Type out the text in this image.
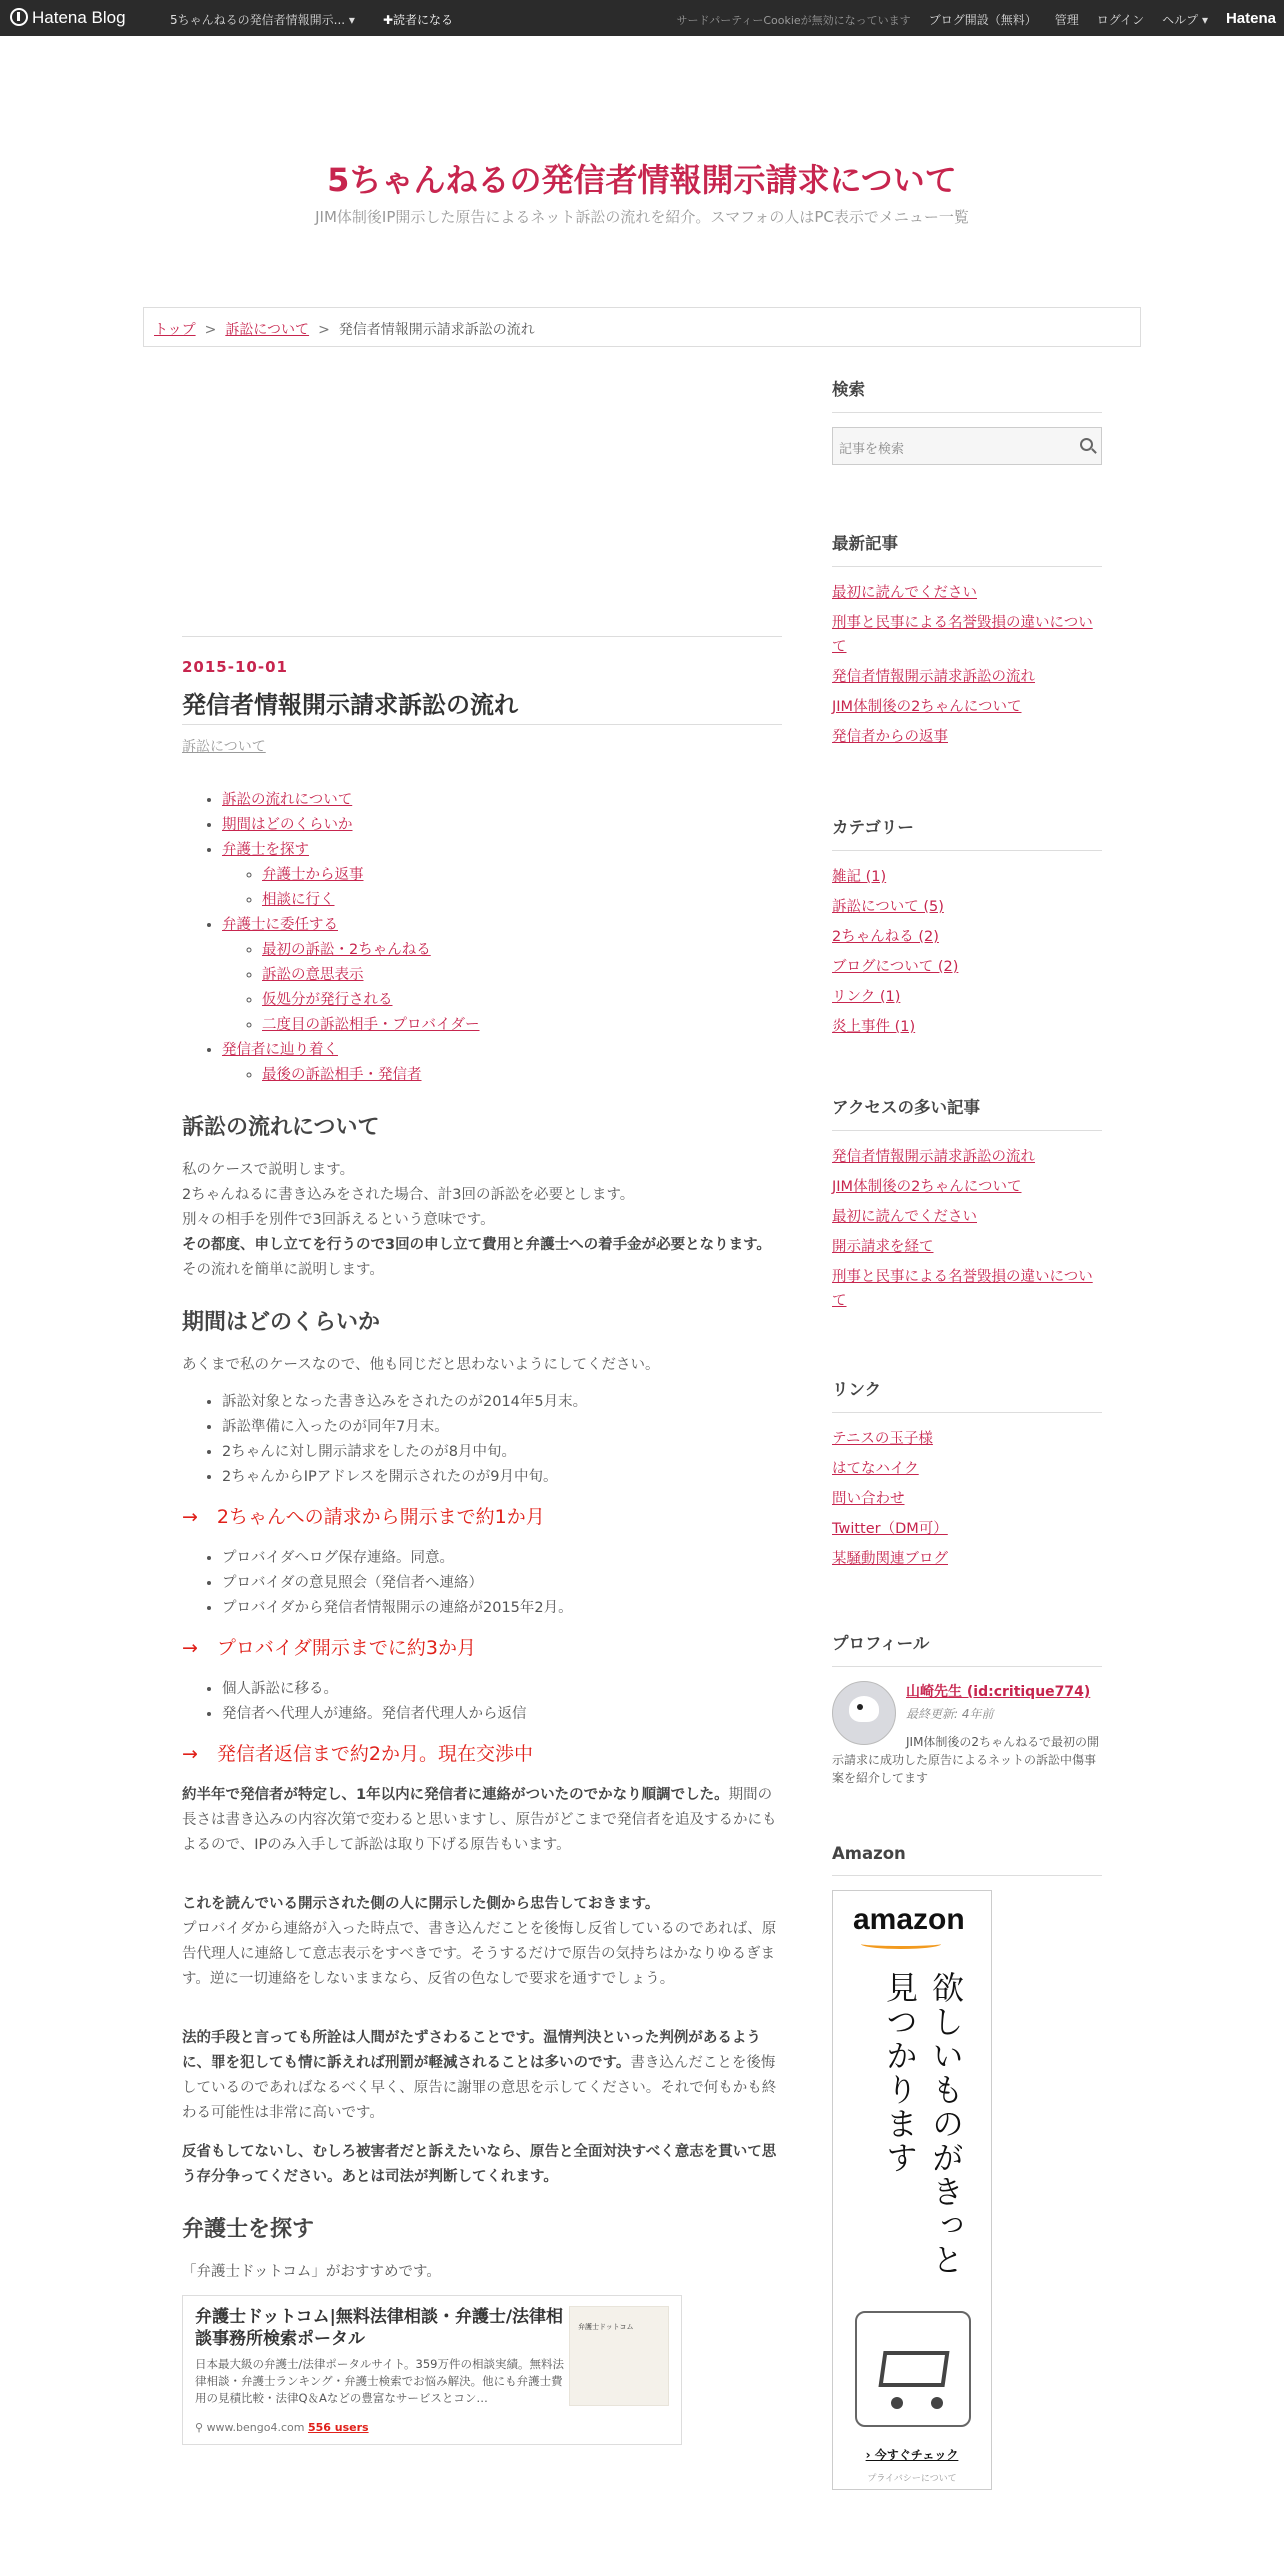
Hatena Blog	5ちゃんねるの発信者情報開示... ▾ ✚読者になる	サードパーティーCookieが無効になっています ブログ開設（無料） 管理 ログイン ヘルプ ▾ Hatena
5ちゃんねるの発信者情報開示請求について
JIM体制後IP開示した原告によるネット訴訟の流れを紹介。スマフォの人はPC表示でメニュー一覧
トップ > 訴訟について > 発信者情報開示請求訴訟の流れ
2015-10-01
発信者情報開示請求訴訟の流れ
訴訟について
• 訴訟の流れについて
• 期間はどのくらいか
• 弁護士を探す
◦ 弁護士から返事
◦ 相談に行く
• 弁護士に委任する
◦ 最初の訴訟・2ちゃんねる
◦ 訴訟の意思表示
◦ 仮処分が発行される
◦ 二度目の訴訟相手・プロバイダー
• 発信者に辿り着く
◦ 最後の訴訟相手・発信者
訴訟の流れについて

私のケースで説明します。

2ちゃんねるに書き込みをされた場合、計3回の訴訟を必要とします。

別々の相手を別件で3回訴えるという意味です。

その都度、申し立てを行うので3回の申し立て費用と弁護士への着手金が必要となります。

その流れを簡単に説明します。

期間はどのくらいか

あくまで私のケースなので、他も同じだと思わないようにしてください。

• 訴訟対象となった書き込みをされたのが2014年5月末。
• 訴訟準備に入ったのが同年7月末。
• 2ちゃんに対し開示請求をしたのが8月中旬。
• 2ちゃんからIPアドレスを開示されたのが9月中旬。
→　2ちゃんへの請求から開示まで約1か月
• プロバイダへログ保存連絡。同意。
• プロバイダの意見照会（発信者へ連絡）
• プロバイダから発信者情報開示の連絡が2015年2月。
→　プロバイダ開示までに約3か月
• 個人訴訟に移る。
• 発信者へ代理人が連絡。発信者代理人から返信
→　発信者返信まで約2か月。現在交渉中

約半年で発信者が特定し、1年以内に発信者に連絡がついたのでかなり順調でした。期間の長さは書き込みの内容次第で変わると思いますし、原告がどこまで発信者を追及するかにもよるので、IPのみ入手して訴訟は取り下げる原告もいます。

これを読んでいる開示された側の人に開示した側から忠告しておきます。
プロバイダから連絡が入った時点で、書き込んだことを後悔し反省しているのであれば、原告代理人に連絡して意志表示をすべきです。そうするだけで原告の気持ちはかなりゆるぎます。逆に一切連絡をしないままなら、反省の色なしで要求を通すでしょう。

法的手段と言っても所詮は人間がたずさわることです。温情判決といった判例があるように、罪を犯しても情に訴えれば刑罰が軽減されることは多いのです。書き込んだことを後悔しているのであればなるべく早く、原告に謝罪の意思を示してください。それで何もかも終わる可能性は非常に高いです。

反省もしてないし、むしろ被害者だと訴えたいなら、原告と全面対決すべく意志を貫いて思う存分争ってください。あとは司法が判断してくれます。

弁護士を探す

「弁護士ドットコム」がおすすめです。

弁護士ドットコム|無料法律相談・弁護士/法律相談事務所検索ポータル
日本最大級の弁護士/法律ポータルサイト。359万件の相談実績。無料法律相談・弁護士ランキング・弁護士検索でお悩み解決。他にも弁護士費用の見積比較・法律Q＆Aなどの豊富なサービスとコン…
⚲ www.bengo4.com 556 users
弁護士ドットコム
検索
記事を検索
最新記事
最初に読んでください
刑事と民事による名誉毀損の違いについて
発信者情報開示請求訴訟の流れ
JIM体制後の2ちゃんについて
発信者からの返事
カテゴリー
雑記 (1)
訴訟について (5)
2ちゃんねる (2)
ブログについて (2)
リンク (1)
炎上事件 (1)
アクセスの多い記事
発信者情報開示請求訴訟の流れ
JIM体制後の2ちゃんについて
最初に読んでください
開示請求を経て
刑事と民事による名誉毀損の違いについて
リンク
テニスの玉子様
はてなハイク
問い合わせ
Twitter（DM可）
某騒動関連ブログ
プロフィール
山崎先生 (id:critique774)
最終更新: 4年前
JIM体制後の2ちゃんねるで最初の開示請求に成功した原告によるネットの訴訟中傷事案を紹介してます
Amazon
amazon
欲しいものがきっと見つかります
› 今すぐチェック
プライバシーについて
